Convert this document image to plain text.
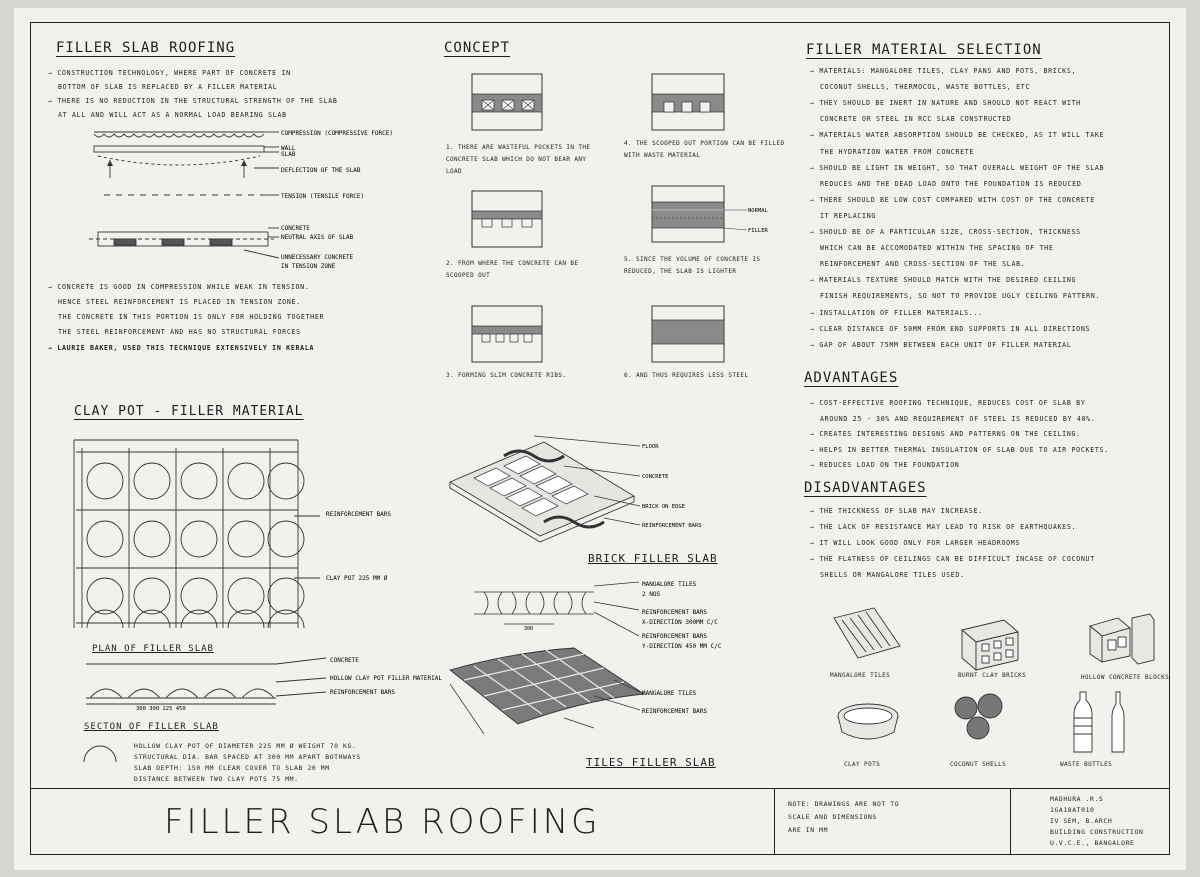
FILLER SLAB ROOFING
→ CONSTRUCTION TECHNOLOGY, WHERE PART OF CONCRETE IN
BOTTOM OF SLAB IS REPLACED BY A FILLER MATERIAL
→ THERE IS NO REDUCTION IN THE STRUCTURAL STRENGTH OF THE SLAB
AT ALL AND WILL ACT AS A NORMAL LOAD BEARING SLAB
COMPRESSION (COMPRESSIVE FORCE)
WALL
SLAB
DEFLECTION OF THE SLAB
TENSION (TENSILE FORCE)
CONCRETE
NEUTRAL AXIS OF SLAB
UNNECESSARY CONCRETE
IN TENSION ZONE
→ CONCRETE IS GOOD IN COMPRESSION WHILE WEAK IN TENSION.
HENCE STEEL REINFORCEMENT IS PLACED IN TENSION ZONE.
THE CONCRETE IN THIS PORTION IS ONLY FOR HOLDING TOGETHER
THE STEEL REINFORCEMENT AND HAS NO STRUCTURAL FORCES
→ LAURIE BAKER, USED THIS TECHNIQUE EXTENSIVELY IN KERALA
CLAY POT - FILLER MATERIAL
REINFORCEMENT BARS
CLAY POT 225 MM Ø
PLAN OF FILLER SLAB
300 300 225 450
CONCRETE
HOLLOW CLAY POT FILLER MATERIAL
REINFORCEMENT BARS
SECTON OF FILLER SLAB
HOLLOW CLAY POT OF DIAMETER 225 MM Ø WEIGHT 70 KG.
STRUCTURAL DIA. BAR SPACED AT 300 MM APART BOTHWAYS
SLAB DEPTH: 150 MM CLEAR COVER TO SLAB 20 MM
DISTANCE BETWEEN TWO CLAY POTS 75 MM.
CONCEPT
NORMAL
FILLER
1. THERE ARE WASTEFUL POCKETS IN THE CONCRETE SLAB WHICH DO NOT BEAR ANY LOAD
4. THE SCOOPED OUT PORTION CAN BE FILLED WITH WASTE MATERIAL
2. FROM WHERE THE CONCRETE CAN BE SCOOPED OUT
5. SINCE THE VOLUME OF CONCRETE IS REDUCED, THE SLAB IS LIGHTER
3. FORMING SLIM CONCRETE RIBS.	6. AND THUS REQUIRES LESS STEEL
FLOOR
CONCRETE
BRICK ON EDGE
REINFORCEMENT BARS
BRICK FILLER SLAB
300
MANGALORE TILES
2 NOS
REINFORCEMENT BARS
X-DIRECTION 300MM C/C
REINFORCEMENT BARS
Y-DIRECTION 450 MM C/C
MANGALORE TILES
REINFORCEMENT BARS
TILES FILLER SLAB
FILLER MATERIAL SELECTION
→ MATERIALS: MANGALORE TILES, CLAY PANS AND POTS, BRICKS,
COCONUT SHELLS, THERMOCOL, WASTE BOTTLES, ETC
→ THEY SHOULD BE INERT IN NATURE AND SHOULD NOT REACT WITH
CONCRETE OR STEEL IN RCC SLAB CONSTRUCTED
→ MATERIALS WATER ABSORPTION SHOULD BE CHECKED, AS IT WILL TAKE
THE HYDRATION WATER FROM CONCRETE
→ SHOULD BE LIGHT IN WEIGHT, SO THAT OVERALL WEIGHT OF THE SLAB
REDUCES AND THE DEAD LOAD ONTO THE FOUNDATION IS REDUCED
→ THERE SHOULD BE LOW COST COMPARED WITH COST OF THE CONCRETE
IT REPLACING
→ SHOULD BE OF A PARTICULAR SIZE, CROSS-SECTION, THICKNESS
WHICH CAN BE ACCOMODATED WITHIN THE SPACING OF THE
REINFORCEMENT AND CROSS-SECTION OF THE SLAB.
→ MATERIALS TEXTURE SHOULD MATCH WITH THE DESIRED CEILING
FINISH REQUIREMENTS, SO NOT TO PROVIDE UGLY CEILING PATTERN.
→ INSTALLATION OF FILLER MATERIALS...
→ CLEAR DISTANCE OF 50MM FROM END SUPPORTS IN ALL DIRECTIONS
→ GAP OF ABOUT 75MM BETWEEN EACH UNIT OF FILLER MATERIAL
ADVANTAGES
→ COST-EFFECTIVE ROOFING TECHNIQUE, REDUCES COST OF SLAB BY
AROUND 25 - 30% AND REQUIREMENT OF STEEL IS REDUCED BY 40%.
→ CREATES INTERESTING DESIGNS AND PATTERNS ON THE CEILING.
→ HELPS IN BETTER THERMAL INSULATION OF SLAB DUE TO AIR POCKETS.
→ REDUCES LOAD ON THE FOUNDATION
DISADVANTAGES
→ THE THICKNESS OF SLAB MAY INCREASE.
→ THE LACK OF RESISTANCE MAY LEAD TO RISK OF EARTHQUAKES.
→ IT WILL LOOK GOOD ONLY FOR LARGER HEADROOMS
→ THE FLATNESS OF CEILINGS CAN BE DIFFICULT INCASE OF COCONUT
SHELLS OR MANGALORE TILES USED.
MANGALORE TILES	BURNT CLAY BRICKS	HOLLOW CONCRETE BLOCKS
CLAY POTS	COCONUT SHELLS	WASTE BOTTLES
FILLER SLAB ROOFING	NOTE: DRAWINGS ARE NOT TO
SCALE AND DIMENSIONS
ARE IN MM
MADHURA .R.S
1GA18AT010
IV SEM, B.ARCH
BUILDING CONSTRUCTION
U.V.C.E., BANGALORE
